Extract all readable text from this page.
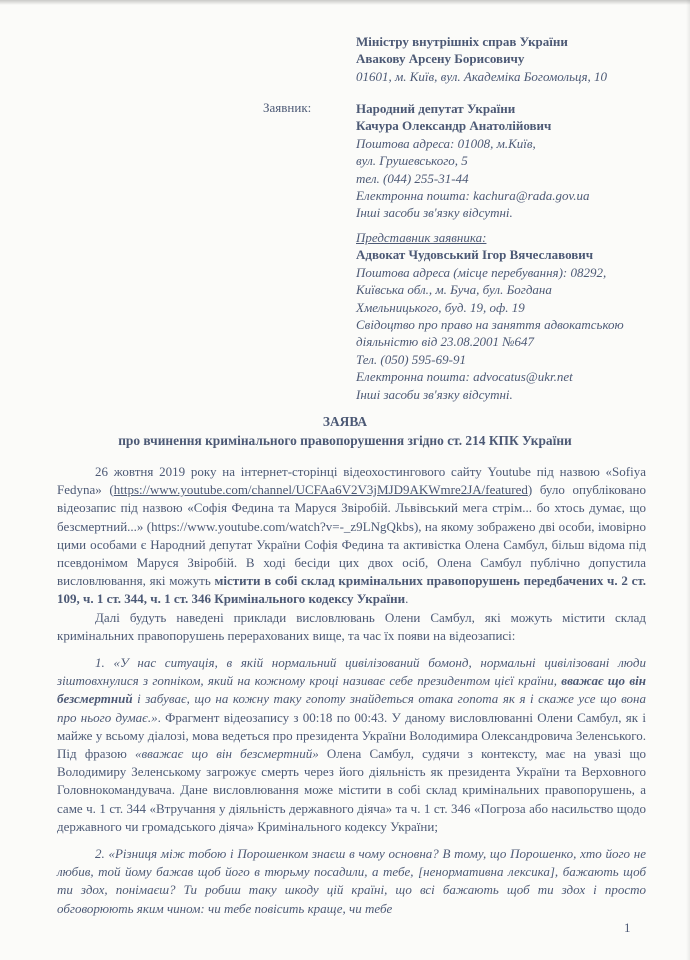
Міністру внутрішніх справ України
Авакову Арсену Борисовичу
01601, м. Київ, вул. Академіка Богомольця, 10
Заявник:	Народний депутат України
Качура Олександр Анатолійович
Поштова адреса: 01008, м.Київ,
вул. Грушевського, 5
тел. (044) 255-31-44
Електронна пошта: kachura@rada.gov.ua
Інші засоби зв'язку відсутні.
Представник заявника:
Адвокат Чудовський Ігор Вячеславович
Поштова адреса (місце перебування): 08292,
Київська обл., м. Буча, бул. Богдана
Хмельницького, буд. 19, оф. 19
Свідоцтво про право на заняття адвокатською
діяльністю від 23.08.2001 №647
Тел. (050) 595-69-91
Електронна пошта: advocatus@ukr.net
Інші засоби зв'язку відсутні.
ЗАЯВА
про вчинення кримінального правопорушення згідно ст. 214 КПК України

26 жовтня 2019 року на інтернет-сторінці відеохостингового сайту Youtube під назвою «Sofiya Fedyna» (https://www.youtube.com/channel/UCFAa6V2V3jMJD9AKWmre2JA/featured) було опубліковано відеозапис під назвою «Софія Федина та Маруся Звіробій. Львівський мега стрім... бо хтось думає, що безсмертний...» (https://www.youtube.com/watch?v=-_z9LNgQkbs), на якому зображено дві особи, імовірно цими особами є Народний депутат України Софія Федина та активістка Олена Самбул, більш відома під псевдонімом Маруся Звіробій. В ході бесіди цих двох осіб, Олена Самбул публічно допустила висловлювання, які можуть містити в собі склад кримінальних правопорушень передбачених ч. 2 ст. 109, ч. 1 ст. 344, ч. 1 ст. 346 Кримінального кодексу України.

Далі будуть наведені приклади висловлювань Олени Самбул, які можуть містити склад кримінальних правопорушень перерахованих вище, та час їх появи на відеозаписі:

1. «У нас ситуація, в якій нормальний цивілізований бомонд, нормальні цивілізовані люди зіштовхнулися з гопніком, який на кожному кроці називає себе президентом цієї країни, вважає що він безсмертний і забуває, що на кожну таку гопоту знайдеться отака гопота як я і скаже усе що вона про нього думає.». Фрагмент відеозапису з 00:18 по 00:43. У даному висловлюванні Олени Самбул, як і майже у всьому діалозі, мова ведеться про президента України Володимира Олександровича Зеленського. Під фразою «вважає що він безсмертний» Олена Самбул, судячи з контексту, має на увазі що Володимиру Зеленському загрожує смерть через його діяльність як президента України та Верховного Головнокомандувача. Дане висловлювання може містити в собі склад кримінальних правопорушень, а саме ч. 1 ст. 344 «Втручання у діяльність державного діяча» та ч. 1 ст. 346 «Погроза або насильство щодо державного чи громадського діяча» Кримінального кодексу України;

2. «Різниця між тобою і Порошенком знаєш в чому основна? В тому, що Порошенко, хто його не любив, той йому бажав щоб його в тюрьму посадили, а тебе, [ненормативна лексика], бажають щоб ти здох, понімаєш? Ти робиш таку шкоду цій країні, що всі бажають щоб ти здох і просто обговорюють яким чином: чи тебе повісить краще, чи тебе

1
